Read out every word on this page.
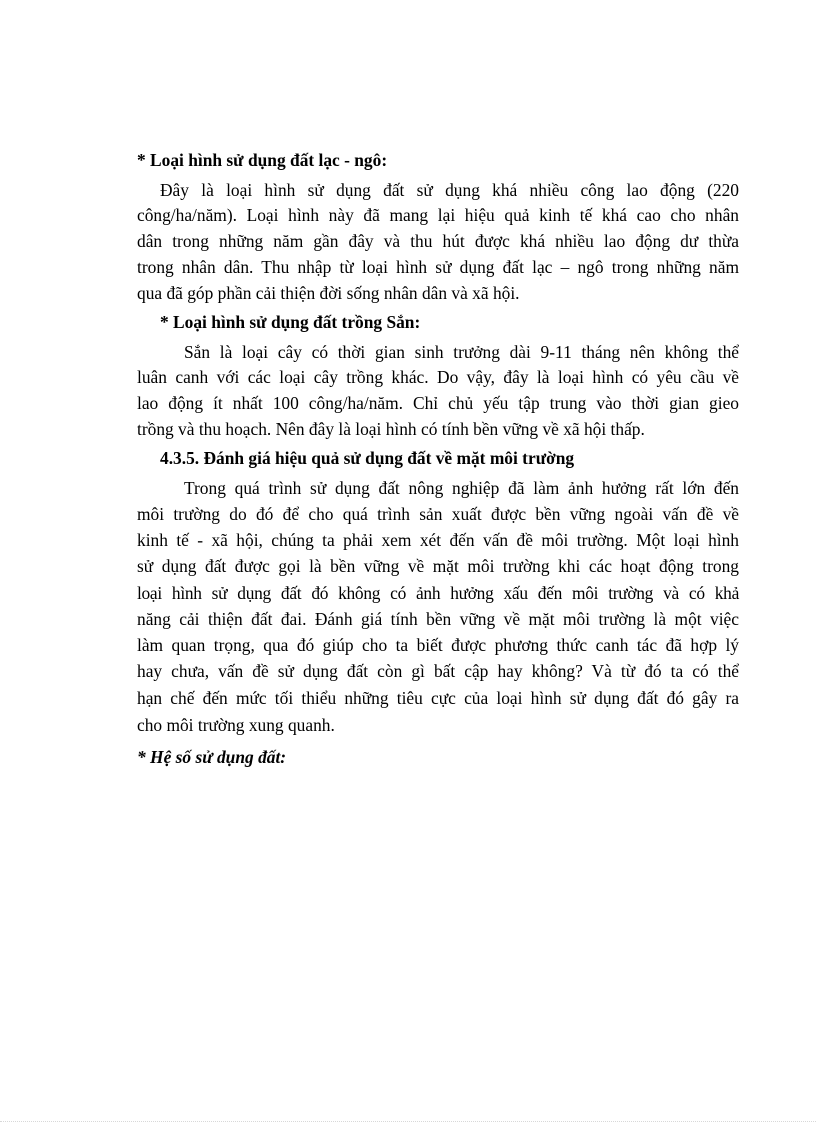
* Loại hình sử dụng đất lạc - ngô:

Đây là loại hình sử dụng đất sử dụng khá nhiều công lao động (220

công/ha/năm). Loại hình này đã mang lại hiệu quả kinh tế khá cao cho nhân

dân trong những năm gần đây và thu hút được khá nhiều lao động dư thừa

trong nhân dân. Thu nhập từ loại hình sử dụng đất lạc – ngô trong những năm

qua đã góp phần cải thiện đời sống nhân dân và xã hội.

* Loại hình sử dụng đất trồng Sắn:

Sắn là loại cây có thời gian sinh trưởng dài 9-11 tháng nên không thể

luân canh với các loại cây trồng khác. Do vậy, đây là loại hình có yêu cầu về

lao động ít nhất 100 công/ha/năm. Chỉ chủ yếu tập trung vào thời gian gieo

trồng và thu hoạch. Nên đây là loại hình có tính bền vững về xã hội thấp.

4.3.5. Đánh giá hiệu quả sử dụng đất về mặt môi trường

Trong quá trình sử dụng đất nông nghiệp đã làm ảnh hưởng rất lớn đến

môi trường do đó để cho quá trình sản xuất được bền vững ngoài vấn đề về

kinh tế - xã hội, chúng ta phải xem xét đến vấn đề môi trường. Một loại hình

sử dụng đất được gọi là bền vững về mặt môi trường khi các hoạt động trong

loại hình sử dụng đất đó không có ảnh hưởng xấu đến môi trường và có khả

năng cải thiện đất đai. Đánh giá tính bền vững về mặt môi trường là một việc

làm quan trọng, qua đó giúp cho ta biết được phương thức canh tác đã hợp lý

hay chưa, vấn đề sử dụng đất còn gì bất cập hay không? Và từ đó ta có thể

hạn chế đến mức tối thiểu những tiêu cực của loại hình sử dụng đất đó gây ra

cho môi trường xung quanh.

* Hệ số sử dụng đất:
